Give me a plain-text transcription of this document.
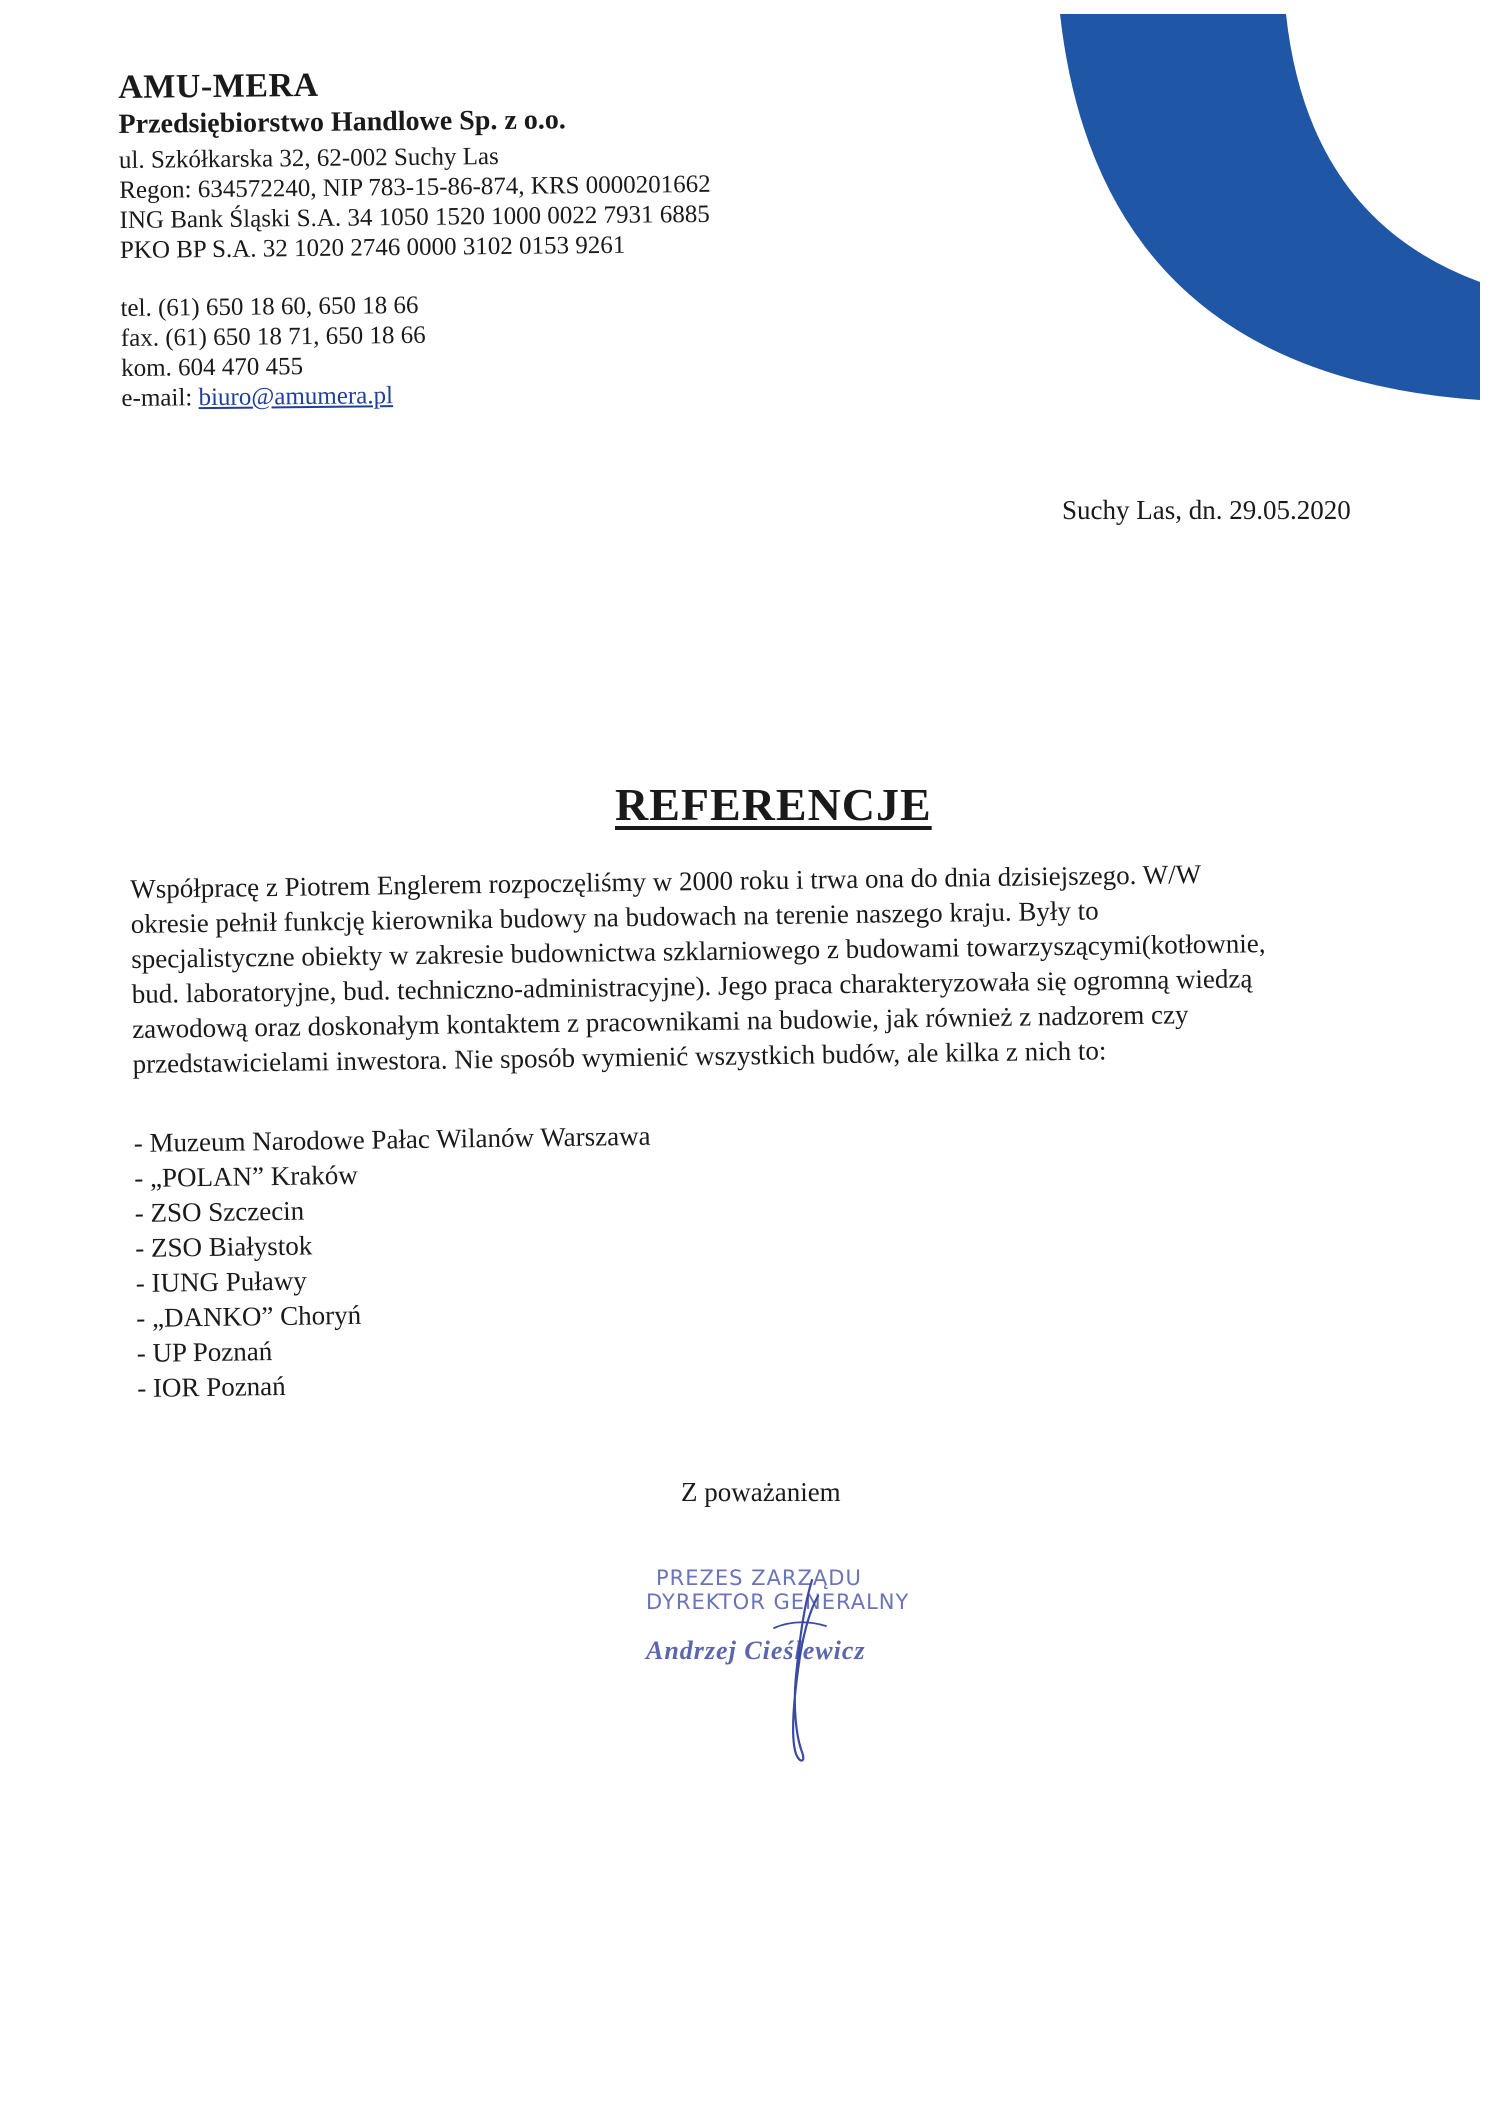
AMU-MERA
Przedsiębiorstwo Handlowe Sp. z o.o.
ul. Szkółkarska 32, 62-002 Suchy Las
Regon: 634572240, NIP 783-15-86-874, KRS 0000201662
ING Bank Śląski S.A. 34 1050 1520 1000 0022 7931 6885
PKO BP S.A. 32 1020 2746 0000 3102 0153 9261
tel. (61) 650 18 60, 650 18 66
fax. (61) 650 18 71, 650 18 66
kom. 604 470 455
e-mail: biuro@amumera.pl
Suchy Las, dn. 29.05.2020
REFERENCJE
Współpracę z Piotrem Englerem rozpoczęliśmy w 2000 roku i trwa ona do dnia dzisiejszego. W/W
okresie pełnił funkcję kierownika budowy na budowach na terenie naszego kraju. Były to
specjalistyczne obiekty w zakresie budownictwa szklarniowego z budowami towarzyszącymi(kotłownie,
bud. laboratoryjne, bud. techniczno-administracyjne). Jego praca charakteryzowała się ogromną wiedzą
zawodową oraz doskonałym kontaktem z pracownikami na budowie, jak również z nadzorem czy
przedstawicielami inwestora. Nie sposób wymienić wszystkich budów, ale kilka z nich to:
- Muzeum Narodowe Pałac Wilanów Warszawa
- „POLAN” Kraków
- ZSO Szczecin
- ZSO Białystok
- IUNG Puławy
- „DANKO” Choryń
- UP Poznań
- IOR Poznań
Z poważaniem
PREZES ZARZĄDU
DYREKTOR GENERALNY
Andrzej Cieślewicz
